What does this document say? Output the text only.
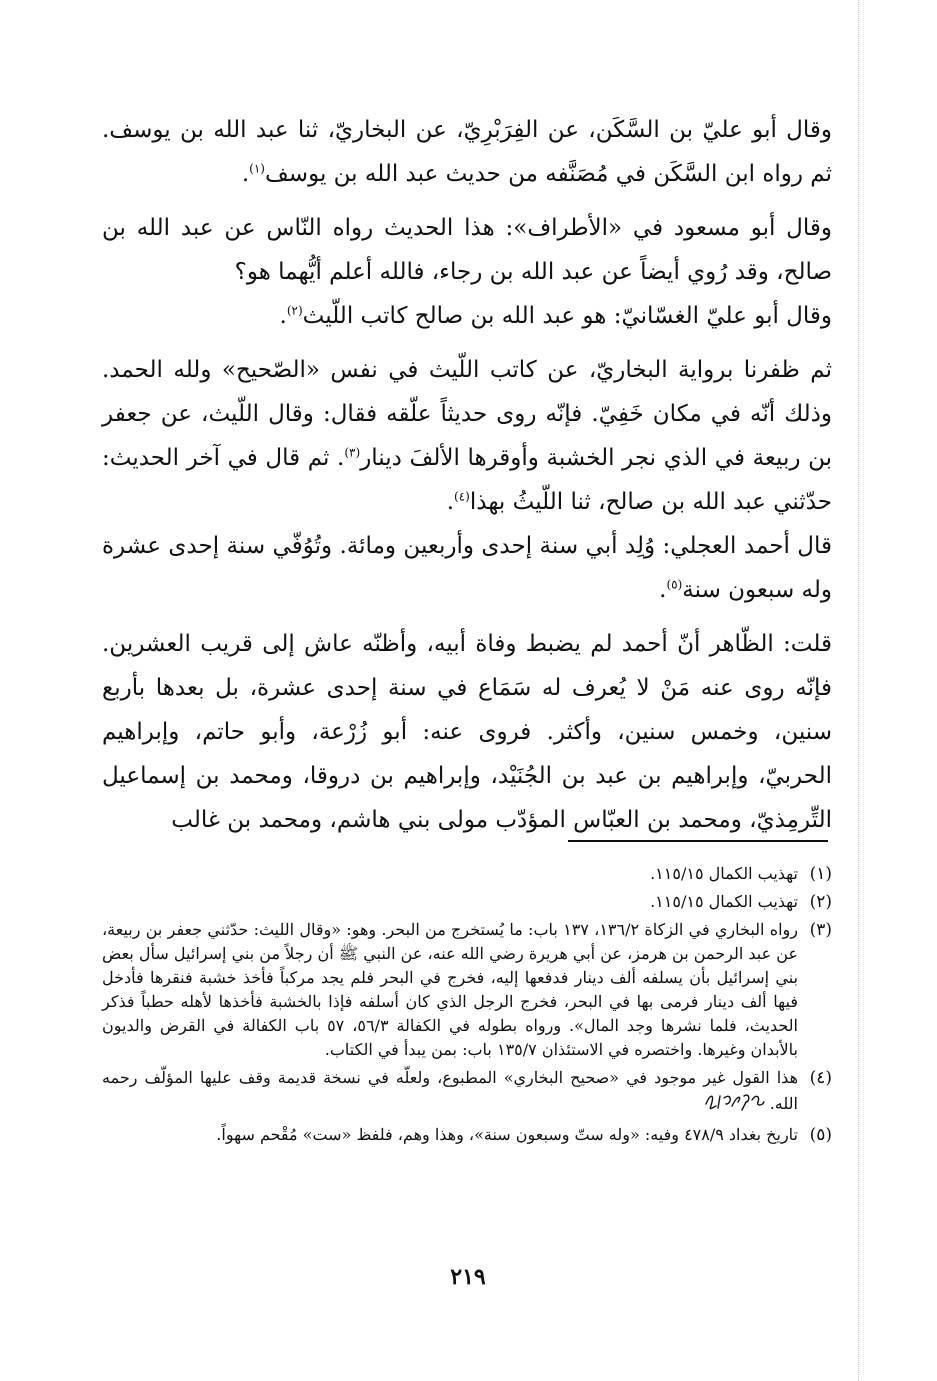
وقال أبو عليّ بن السَّكَن، عن الفِرَبْرِيّ، عن البخاريّ، ثنا عبد الله بن يوسف. ثم رواه ابن السَّكَن في مُصَنَّفه من حديث عبد الله بن يوسف$^{(١)}$.

وقال أبو مسعود في «الأطراف»: هذا الحديث رواه النّاس عن عبد الله بن صالح، وقد رُوي أيضاً عن عبد الله بن رجاء، فالله أعلم أيُّهما هو؟

وقال أبو عليّ الغسّانيّ: هو عبد الله بن صالح كاتب اللّيث$^{(٢)}$.

ثم ظفرنا برواية البخاريّ، عن كاتب اللّيث في نفس «الصّحيح» ولله الحمد. وذلك أنّه في مكان خَفِيّ. فإنّه روى حديثاً علّقه فقال: وقال اللّيث، عن جعفر بن ربيعة في الذي نجر الخشبة وأوقرها الألفَ دينار$^{(٣)}$. ثم قال في آخر الحديث: حدّثني عبد الله بن صالح، ثنا اللّيثُ بهذا$^{(٤)}$.

قال أحمد العجلي: وُلِد أبي سنة إحدى وأربعين ومائة. وتُوُفّي سنة إحدى عشرة وله سبعون سنة$^{(٥)}$.

قلت: الظّاهر أنّ أحمد لم يضبط وفاة أبيه، وأظنّه عاش إلى قريب العشرين. فإنّه روى عنه مَنْ لا يُعرف له سَمَاع في سنة إحدى عشرة، بل بعدها بأربع سنين، وخمس سنين، وأكثر. فروى عنه: أبو زُرْعة، وأبو حاتم، وإبراهيم الحربيّ، وإبراهيم بن عبد بن الجُنَيْد، وإبراهيم بن دروقا، ومحمد بن إسماعيل التِّرمِذيّ، ومحمد بن العبّاس المؤدّب مولى بني هاشم، ومحمد بن غالب

(١)
تهذيب الكمال ١١٥/١٥.
(٢)
تهذيب الكمال ١١٥/١٥.
(٣)
رواه البخاري في الزكاة ١٣٦/٢، ١٣٧ باب: ما يُستخرج من البحر. وهو: «وقال الليث: حدّثني جعفر بن ربيعة، عن عبد الرحمن بن هرمز، عن أبي هريرة رضي الله عنه، عن النبي ﷺ أن رجلاً من بني إسرائيل سأل بعض بني إسرائيل بأن يسلفه ألف دينار فدفعها إليه، فخرج في البحر فلم يجد مركباً فأخذ خشبة فنقرها فأدخل فيها ألف دينار فرمى بها في البحر، فخرج الرجل الذي كان أسلفه فإذا بالخشبة فأخذها لأهله حطباً فذكر الحديث، فلما نشرها وجد المال». ورواه بطوله في الكفالة ٥٦/٣، ٥٧ باب الكفالة في القرض والديون بالأبدان وغيرها. واختصره في الاستئذان ١٣٥/٧ باب: بمن يبدأ في الكتاب.
(٤)
هذا القول غير موجود في «صحيح البخاري» المطبوع، ولعلّه في نسخة قديمة وقف عليها المؤلّف رحمه الله.
(٥)
تاريخ بغداد ٤٧٨/٩ وفيه: «وله ستّ وسبعون سنة»، وهذا وهم، فلفظ «ست» مُقْحم سهواً.
٢١٩
